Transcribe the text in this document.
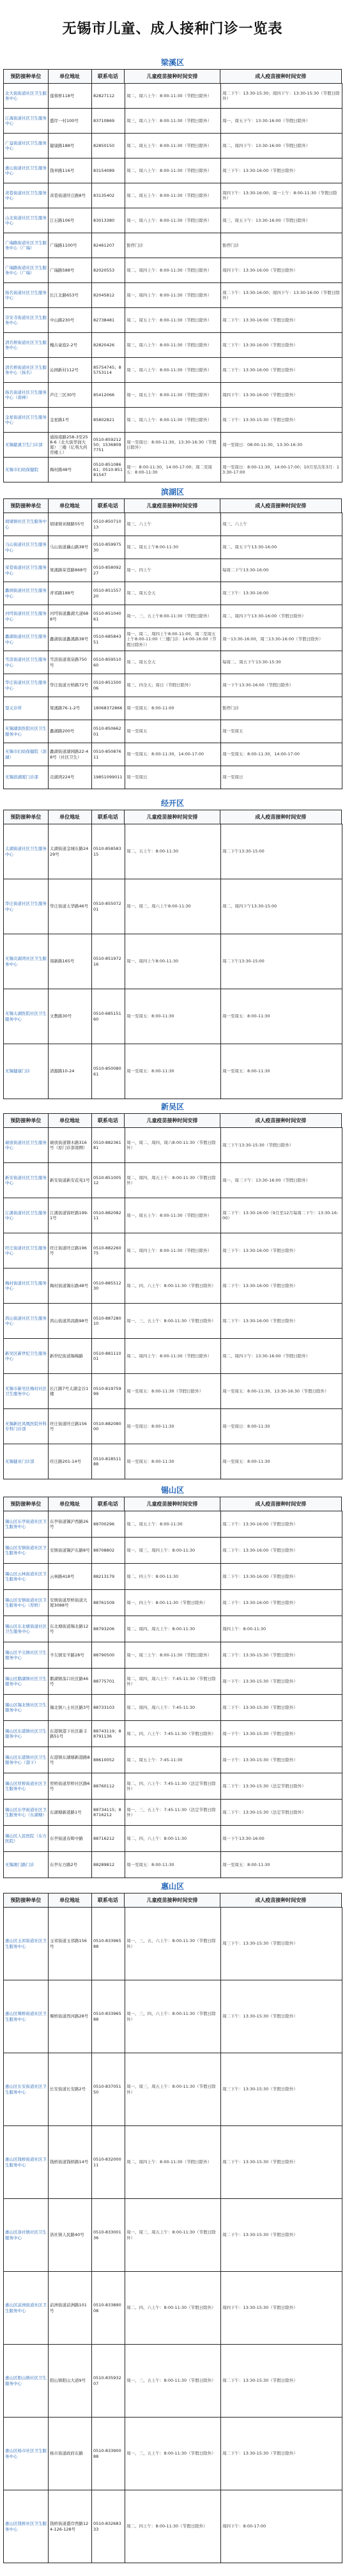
无锡市儿童、成人接种门诊一览表
梁溪区
预防接种单位	单位地址	联系电话	儿童疫苗接种时间安排	成人疫苗接种时间安排
北大街街道社区卫生服务中心	莲蓉桥118号	82827112	周二、周六上午：8:00-11:30（节假日除外）	周二下午：13:30-15:30；周四下午：13:30-15:30（节假日除外）
江海街道社区卫生服务中心	盛岸一村100号	83710869	周三、周六上午：8:00-11:30（节假日除外）	周一、周五下午：13:30-16:00（节假日除外）
广益街道社区卫生服务中心	健康路188号	82850150	周二、周五上午：8:00-11:30（节假日除外）	周二、周四下午：13:30-16:00（节假日除外）
惠山街道社区卫生服务中心	钱皋路116号	83154089	周二、周六上午：8:00-11:30（节假日除外）	周三下午：13:30-16:00（节假日除外）
黄巷街道社区卫生服务中心	黄巷街道旺庄路8号	83135402	周二、周五上午：8:00-11:30（节假日除外）	周四下午：13:30-16:00；周一上午：8:00-11:30（节假日除外）
山北街道社区卫生服务中心	江石路106号	83013380	周一、周六上午：8:00-11:30（节假日除外）	周三、周五下午：13:30-16:00（节假日除外）
广瑞路街道社区卫生服务中心（广瑞）	广瑞路1100号	82461207	暂停门诊	暂停门诊
广瑞路街道社区卫生服务中心（广瑞）	广瑞路588号	82020553	周二、周四上午：8:00-11:30（节假日除外）	周四下午：13:30-16:00（节假日除外）
扬名街道社区卫生服务中心	长江北路653号	82045812	周一、周四上午：8:00-11:30（节假日除外）	周二下午：13:30-16:00；周四下午：13:30-16:00（节假日除外）
崇安寺街道社区卫生服务中心	中山路230号	82738481	周二、周五上午：8:00-11:30（节假日除外）	周二下午：13:30-16:00（节假日除外）
清名桥街道社区卫生服务中心	槐古豪庭2-2号	82820426	周三、周六上午：8:00-11:30（节假日除外）	周三下午：13:30-16:00（节假日除外）
清名桥街道社区卫生服务中心（扬名）	沁园新村112号	85754745；85753114	周二、周六上午：8:00-11:30（节假日除外）	周二下午：13:30-16:00（节假日除外）
扬名街道社区卫生服务中心（南禅）	芦庄三区30号	85412066	周一、周五上午：8:00-11:30（节假日除外）	周四下午：13:30-16:00（节假日除外）
金星街道社区卫生服务中心	金星路1号	85802821	周二、周六上午：8:00-11:30（节假日除外）	周二下午：13:30-15:30（节假日除外）
无锡慈溪卫生门诊部	通扬南路258-3至258-6（北大街华润大厦）三楼（亿利大药房楼上）	0510-85921250；15368097751	周一至周日：8:00-11:30、13:30-16:30（节假日除外）	周一至周日：08:00-11:30、13:30-16:30
无锡市妇幼保健院	梅村路48号	0510-85108661；0510-85181547	周一：8:00-11:30，14:00-17:00；周二至周五：8:00-11:30	周一至周日：8:00-11:30，14:00-17:00；10月至次年3月：13:30-17:00
滨湖区
预防接种单位	单位地址	联系电话	儿童疫苗接种时间安排	成人疫苗接种时间安排
胡埭镇社区卫生服务中心	胡埭镇刘塘路55号	0510-85071013	周三、六上午	周三、六上午
马山街道社区卫生服务中心	马山街道藕山路38号	0510-85997530	周二、周五上午8:00-11:30	周二、周五下午13:30-16:00
荣巷街道社区卫生服务中心	梁溪路荣巷路868号	0510-85809227	周一、四上午	每周二下午13:30-16:00
蠡园街道社区卫生服务中心	青祁路188号	0510-85155720	周二、周五全天	周三下午：13:30-16:00
河埒街道社区卫生服务中心	河埒街道蠡湖大道688号	0510-85104061	周一、三、五上午8:00-11:30（节假日除外）	周二、周四下午13:30-16:00（节假日除外）
蠡湖街道社区卫生服务中心	蠡湖街道蠡溪路38号	0510-68584351	周一、周二、周四上午8:00-11:00，周二至周五上午8:00-11:00（三楼门诊：14:00-16:00（节假日除外））	周一13:30-16:00，周三13:30-16:00（节假日除外）
雪浪街道社区卫生服务中心	雪浪街道南泉路750号	0510-85951060	周二、周五全天	每周二、周五下午13:30-15:30
华庄街道社区卫生服务中心	华庄街道方桥路72号	0510-85150006	周三、四全天；周日（节假日除外）	周一下午13:30-16:00（节假日除外）
望义诊所	梁溪路76-1-2号	18068372866	周一至周五：8:00-11:00	暂停门诊
无锡湖滨医院社区卫生服务中心	蠡湖路200号	0510-85066201	周一至周五	周一至周五
无锡市妇幼保健院（滨湖）	蠡湖街道湖园路22-48号（社区卫生）	0510-85087611	周一至周五：8:00-11:30，14:00-17:00	周一至周五：8:00-11:30，14:00-17:00
无锡滨湖厦门诊部	贡湖湾224号	19851099011	周一至周日	周一至周日
经开区
预防接种单位	单位地址	联系电话	儿童疫苗接种时间安排	成人疫苗接种时间安排
太湖街道社区卫生服务中心	太湖街道金城东路2429号	0510-85858315	周二、五上午：8:00-11:30	周二下午13:30-15:00
华庄街道社区卫生服务中心	华庄街道太华路46号	0510-85507201	周一、周三、周六上午8:00-11:30	周二、周四下午13:30-15:00
无锡贡湖湾社区卫生服务中心	周新路165号	0510-85197216	周一、周四上午8:00-11:30	周二下午13:30-15:00
无锡太湖医院社区卫生服务中心	文教路30号	0510-68515160	周一至周五：8:00-11:30	周一至周五：8:00-11:30
无锡健康门诊	清源路10-24	0510-85008061	周一至周五：8:00-11:30	周一至周五：8:00-11:30
新吴区
预防接种单位	单位地址	联系电话	儿童疫苗接种时间安排	成人疫苗接种时间安排
硕放街道社区卫生服务中心	硕放街道钢木路316号（原门诊部南侧）	0510-88236181	周一、周二、周四、周六8:00-11:30（节假日除外）	周三下午13:30-15:30（节假日除外）
新安街道社区卫生服务中心	新安街道新安花苑1号	0510-85100512	周二、周四、周五上午：8:00-11:30（节假日除外）	周一、周三下午：13:30-16:00（节假日除外）
江溪街道社区卫生服务中心	江溪街道锦旺路199-1号	0510-88208211	周一、周五上午：8:00-11:30（节假日除外）	周二下午：13:30-16:00（9月至12月每周二下午：13:30-16:00）
旺庄街道社区卫生服务中心	旺庄街道旺庄路196号	0510-88226075	周二、周四上午：8:00-11:30（节假日除外）	周三下午：13:30-16:00（节假日除外）
梅村街道社区卫生服务中心	梅村街道锡东路48号	0510-88551230	周二、四、六上午：8:00-11:30（节假日除外）	周二下午：13:30-16:00（节假日除外）
鸿山街道社区卫生服务中心	鸿山街道鸿昌路98号	0510-88728010	周一、三、五上午：8:00-11:30（节假日除外）	周二下午：13:30-16:00（节假日除外）
新吴区新世纪卫生服务中心	新世纪街道锡梅路	0510-88111001	周二、周四上午：8:00-11:30（节假日除外）	周二、周四下午：13:30-16:00（节假日除外）
无锡市新吴区梅村社区卫生服务中心	长江路7号太湖金谷1楼	0510-81975999	周一至周五：8:00-11:30（节假日除外）	周一至周五：8:00-11:30、13:30-16:30（节假日除外）
无锡新区凤凰医院外科专科门诊部	旺庄街道旺庄路156号	0510-88208000	周一至周日：8:00-11:30	周一至周日：8:00-11:30
无锡健业门诊部	旺庄路201-14号	0510-81851188	周一至周五：8:00-11:30	周一至周五：8:00-11:30
锡山区
预防接种单位	单位地址	联系电话	儿童疫苗接种时间安排	成人疫苗接种时间安排
锡山区东亭街道社区卫生服务中心	东亭街道锡沪西路26号	88700296	周二、周五上午：8:00-11:30	周二下午：13:30-16:00（节假日除外）
锡山区安镇街道社区卫生服务中心	安镇街道锡沪东路8号	88708802	周一、周三、周四上午：8:00-11:30	周二下午：13:30-16:00（节假日除外）
锡山区云林街道社区卫生服务中心	云林路418号	88213179	周二、四上午：8:00-11:30	周二下午：13:30-16:00（节假日除外）
锡山区安镇街道社区卫生服务中心（厚桥）	安镇街道厚桥街道大厦3088号	88761509	周一、四上午：8:00-11:30（节假日除外）	周二下午：13:30-16:00（节假日除外）
锡山区东北塘街道社区卫生服务中心	东北塘街道锡北路12号	88793206	周二、周四、周五上午：8:00-11:30	周四上午：8:00-11:30
锡山区羊尖镇社区卫生服务中心	羊尖镇安羊路28号	88790500	周一、周三上午：8:00-11:30（节假日除外）	周二下午：13:30-15:30（节假日除外）
锡山区鹅湖镇社区卫生服务中心	鹅湖镇荡口社区路46号	88775701	周二、周四、周六上午：7:45-11:30（节假日除外）	周一下午：13:30-15:30（节假日除外）
锡山区锡北镇社区卫生服务中心	锡北镇八士社区路3号	88733103	周二、周四、周六上午：7:45-11:30	周二下午：13:30-15:30（节假日除外）
锡山区东港镇社区卫生服务中心	东港镇港下社区新丰路51号	88743119；88791136	周二、四、六上午：7:45-11:30（节假日除外）	周一下午：13:30-15:30（节假日除外）
锡山区东港镇社区卫生服务中心（港下）	东港镇东湖塘新港路8号	88610052	周二、周五上午：7:45-11:30	周一下午：13:30-15:30（节假日除外）
锡山区厚桥街道社区卫生服务中心	厚桥街道厚桥社区路6号	88760112	周二、四、六上午：7:45-11:30（法定节假日除外）	周二下午：13:30-15:30（法定节假日除外）
锡山区东亭街道社区卫生服务中心（东湖塘）	东湖塘新港路1号	88734115；88716212	周一、三、五上午：7:45-11:30（法定节假日除外）	周二下午：13:30-15:30（法定节假日除外）
锡山区人民医院（东方医院）	东亭街道春晖中路	88716212	周二、四、六上午：8:00-11:30	周一下午13:30-16:00
无锡澳门路门诊	东亭东方路2号	88289812	周一至周五：8:00-11:30	周一至周五：8:00-11:30
惠山区
预防接种单位	单位地址	联系电话	儿童疫苗接种时间安排	成人疫苗接种时间安排
惠山区玉祁街道社区卫生服务中心	玉祁街道玉祁路156号	0510-83396588	周一、三、五、六上午：8:00-11:30（节假日除外）	周三下午：13:30-15:30（节假日除外）
惠山区堰桥街道社区卫生服务中心	堰桥街道西河路28号	0510-83396588	周一、三、四、六上午：8:00-11:30（节假日除外）	周二下午：13:30-15:30（节假日除外）
惠山区长安街道社区卫生服务中心	长安街道长安路2号	0510-83705150	周一、周三、周五上午：8:00-11:30（节假日除外）	周三下午：13:30-15:30（节假日除外）
惠山区钱桥街道社区卫生服务中心	钱桥街道钱桥路14号	0510-83200011	周二、周四上午：8:00-11:30（节假日除外）	周二下午：13:30-15:30（节假日除外）
惠山区洛社镇社区卫生服务中心	洛社镇人民路40号	0510-83300136	周一、周三、周五上午：8:00-11:30（节假日除外）	周二下午：13:30-15:30（节假日除外）
惠山区前洲街道社区卫生服务中心	前洲街道前洲路101号	0510-83389008	周二、四、六上午：8:00-11:30（节假日除外）	周四下午：13:30-15:30（节假日除外）
惠山区阳山镇社区卫生服务中心	阳山镇阳山大道9号	0510-83593207	周一、三、五上午：8:00-11:30（节假日除外）	周二下午：13:30-15:30（节假日除外）
惠山区杨市社区卫生服务中心	杨市街道政府东路	0510-83390088	周一、三、五上午：8:00-11:30（节假日除外）	周二下午：13:30-15:30（节假日除外）
惠山区钱桥社区卫生服务中心	钱桥街道盛岸西路124-126-128号	0510-83268333	周二、四上午：8:00-11:30（节假日除外）	周四下午：8:00-17:00
